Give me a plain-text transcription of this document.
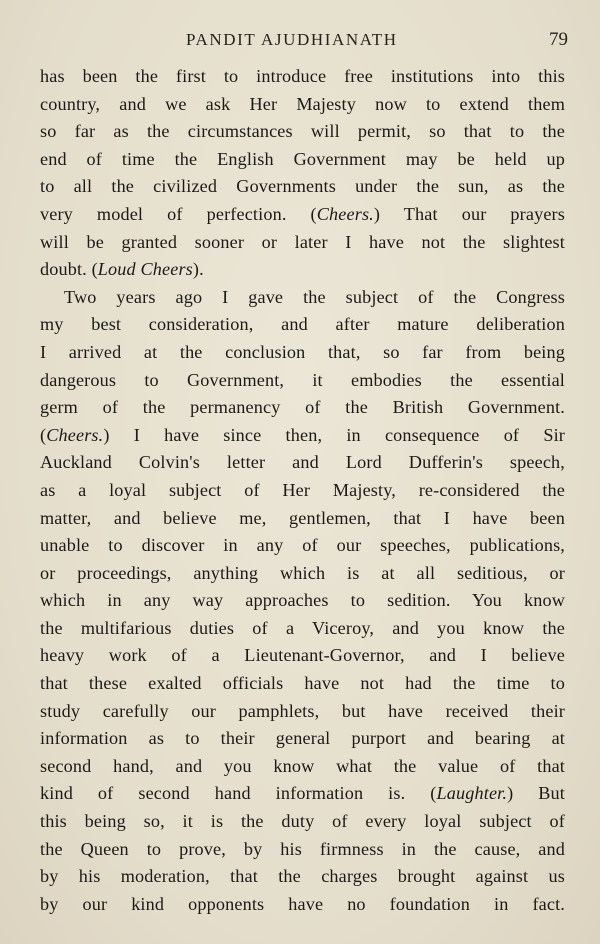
PANDIT AJUDHIANATH	79
has been the first to introduce free institutions into this
country, and we ask Her Majesty now to extend them
so far as the circumstances will permit, so that to the
end of time the English Government may be held up
to all the civilized Governments under the sun, as the
very model of perfection. (Cheers.) That our prayers
will be granted sooner or later I have not the slightest
doubt. (Loud Cheers).
Two years ago I gave the subject of the Congress
my best consideration, and after mature deliberation
I arrived at the conclusion that, so far from being
dangerous to Government, it embodies the essential
germ of the permanency of the British Government.
(Cheers.) I have since then, in consequence of Sir
Auckland Colvin's letter and Lord Dufferin's speech,
as a loyal subject of Her Majesty, re-considered the
matter, and believe me, gentlemen, that I have been
unable to discover in any of our speeches, publications,
or proceedings, anything which is at all seditious, or
which in any way approaches to sedition. You know
the multifarious duties of a Viceroy, and you know the
heavy work of a Lieutenant-Governor, and I believe
that these exalted officials have not had the time to
study carefully our pamphlets, but have received their
information as to their general purport and bearing at
second hand, and you know what the value of that
kind of second hand information is. (Laughter.) But
this being so, it is the duty of every loyal subject of
the Queen to prove, by his firmness in the cause, and
by his moderation, that the charges brought against us
by our kind opponents have no foundation in fact.
